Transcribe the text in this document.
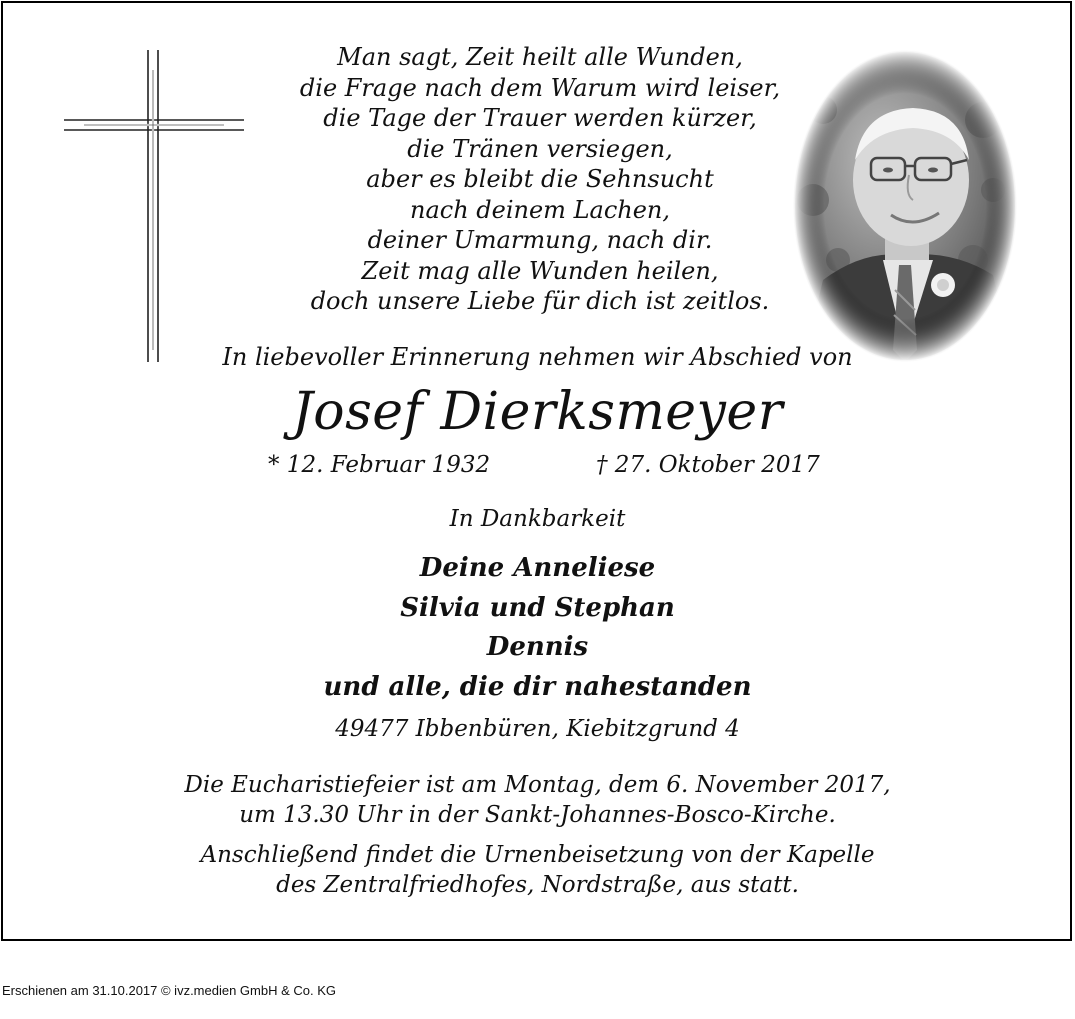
Man sagt, Zeit heilt alle Wunden,
die Frage nach dem Warum wird leiser,
die Tage der Trauer werden kürzer,
die Tränen versiegen,
aber es bleibt die Sehnsucht
nach deinem Lachen,
deiner Umarmung, nach dir.
Zeit mag alle Wunden heilen,
doch unsere Liebe für dich ist zeitlos.
In liebevoller Erinnerung nehmen wir Abschied von
Josef Dierksmeyer
* 12. Februar 1932	† 27. Oktober 2017
In Dankbarkeit
Deine Anneliese
Silvia und Stephan
Dennis
und alle, die dir nahestanden
49477 Ibbenbüren, Kiebitzgrund 4
Die Eucharistiefeier ist am Montag, dem 6. November 2017,
um 13.30 Uhr in der Sankt-Johannes-Bosco-Kirche.
Anschließend findet die Urnenbeisetzung von der Kapelle
des Zentralfriedhofes, Nordstraße, aus statt.
Erschienen am 31.10.2017 © ivz.medien GmbH & Co. KG
